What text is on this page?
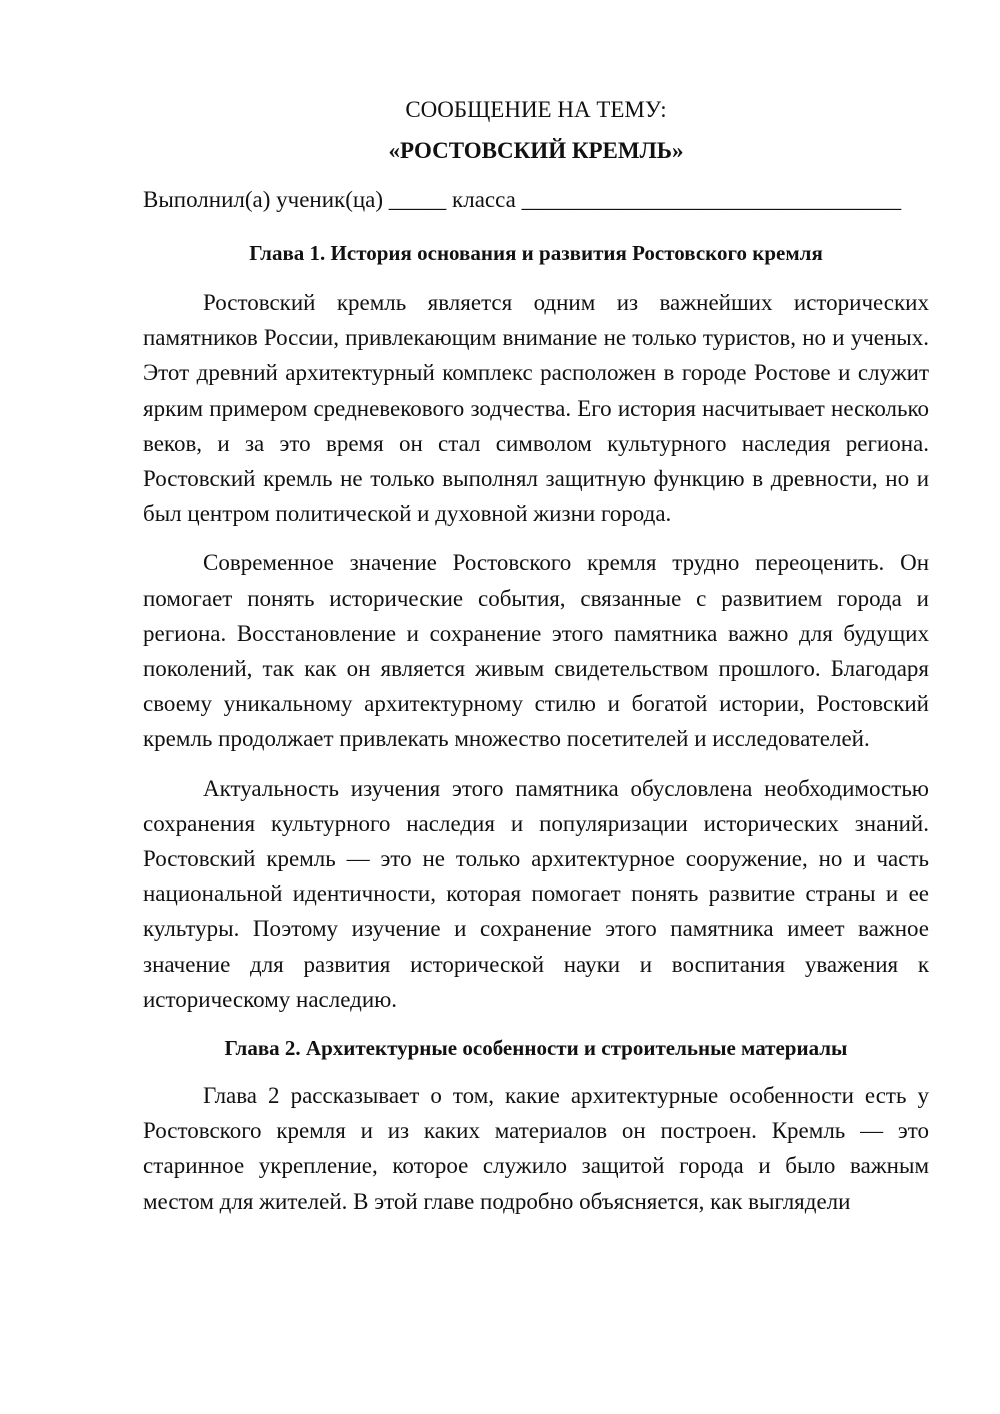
СООБЩЕНИЕ НА ТЕМУ:

«РОСТОВСКИЙ КРЕМЛЬ»

Выполнил(а) ученик(ца) _____ класса _________________________________
Глава 1. История основания и развития Ростовского кремля

Ростовский кремль является одним из важнейших исторических памятников России, привлекающим внимание не только туристов, но и ученых. Этот древний архитектурный комплекс расположен в городе Ростове и служит ярким примером средневекового зодчества. Его история насчитывает несколько веков, и за это время он стал символом культурного наследия региона. Ростовский кремль не только выполнял защитную функцию в древности, но и был центром политической и духовной жизни города.

Современное значение Ростовского кремля трудно переоценить. Он помогает понять исторические события, связанные с развитием города и региона. Восстановление и сохранение этого памятника важно для будущих поколений, так как он является живым свидетельством прошлого. Благодаря своему уникальному архитектурному стилю и богатой истории, Ростовский кремль продолжает привлекать множество посетителей и исследователей.

Актуальность изучения этого памятника обусловлена необходимостью сохранения культурного наследия и популяризации исторических знаний. Ростовский кремль — это не только архитектурное сооружение, но и часть национальной идентичности, которая помогает понять развитие страны и ее культуры. Поэтому изучение и сохранение этого памятника имеет важное значение для развития исторической науки и воспитания уважения к историческому наследию.

Глава 2. Архитектурные особенности и строительные материалы

Глава 2 рассказывает о том, какие архитектурные особенности есть у Ростовского кремля и из каких материалов он построен. Кремль — это старинное укрепление, которое служило защитой города и было важным местом для жителей. В этой главе подробно объясняется, как выглядели
